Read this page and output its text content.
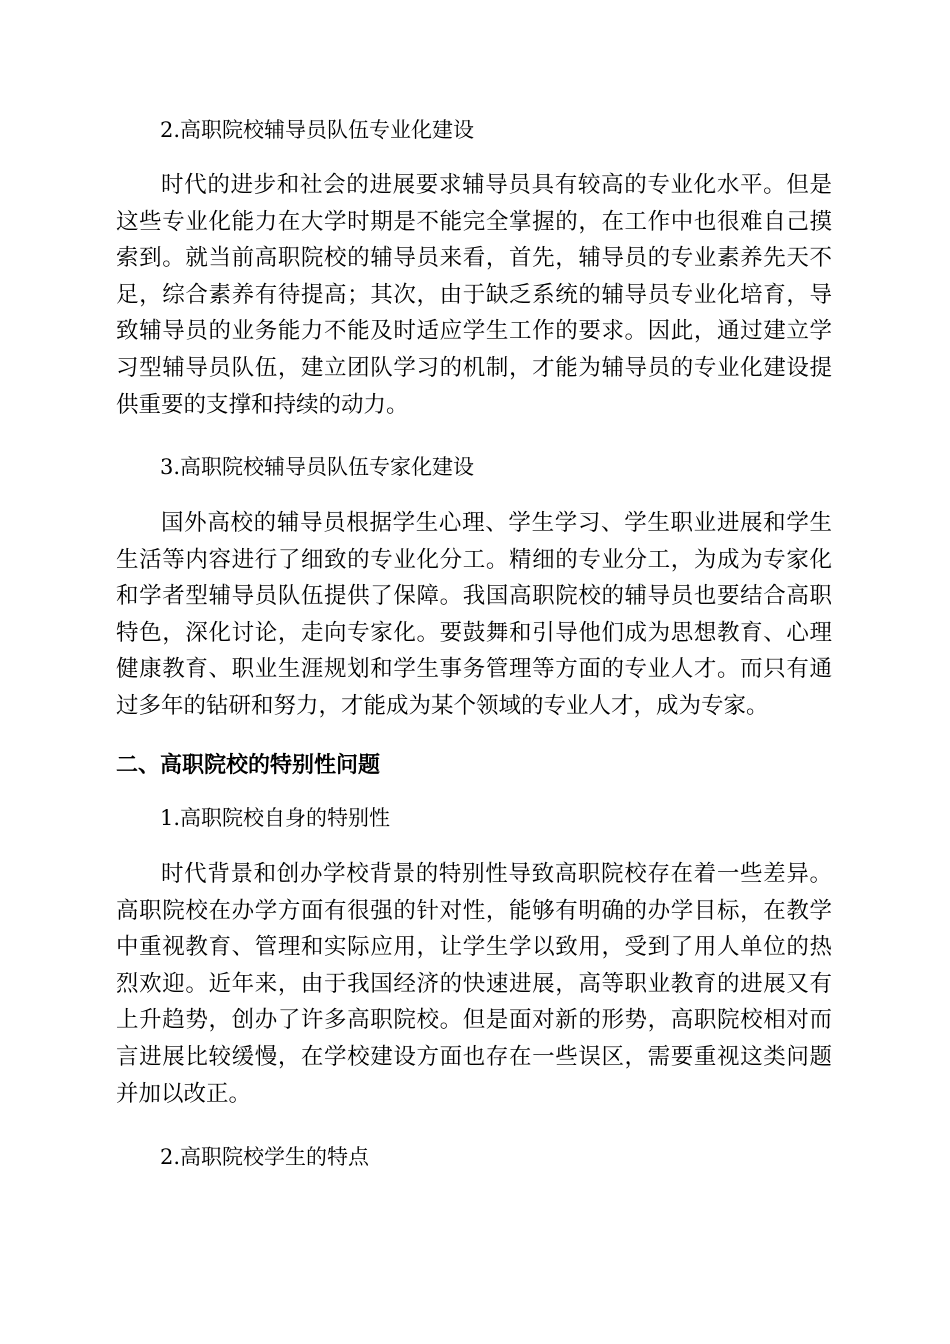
2.高职院校辅导员队伍专业化建设

时代的进步和社会的进展要求辅导员具有较高的专业化水平。但是这些专业化能力在大学时期是不能完全掌握的，在工作中也很难自己摸索到。就当前高职院校的辅导员来看，首先，辅导员的专业素养先天不足，综合素养有待提高；其次，由于缺乏系统的辅导员专业化培育，导致辅导员的业务能力不能及时适应学生工作的要求。因此，通过建立学习型辅导员队伍，建立团队学习的机制，才能为辅导员的专业化建设提供重要的支撑和持续的动力。

3.高职院校辅导员队伍专家化建设

国外高校的辅导员根据学生心理、学生学习、学生职业进展和学生生活等内容进行了细致的专业化分工。精细的专业分工，为成为专家化和学者型辅导员队伍提供了保障。我国高职院校的辅导员也要结合高职特色，深化讨论，走向专家化。要鼓舞和引导他们成为思想教育、心理健康教育、职业生涯规划和学生事务管理等方面的专业人才。而只有通过多年的钻研和努力，才能成为某个领域的专业人才，成为专家。

二、高职院校的特别性问题
1.高职院校自身的特别性

时代背景和创办学校背景的特别性导致高职院校存在着一些差异。高职院校在办学方面有很强的针对性，能够有明确的办学目标，在教学中重视教育、管理和实际应用，让学生学以致用，受到了用人单位的热烈欢迎。近年来，由于我国经济的快速进展，高等职业教育的进展又有上升趋势，创办了许多高职院校。但是面对新的形势，高职院校相对而言进展比较缓慢，在学校建设方面也存在一些误区，需要重视这类问题并加以改正。

2.高职院校学生的特点
